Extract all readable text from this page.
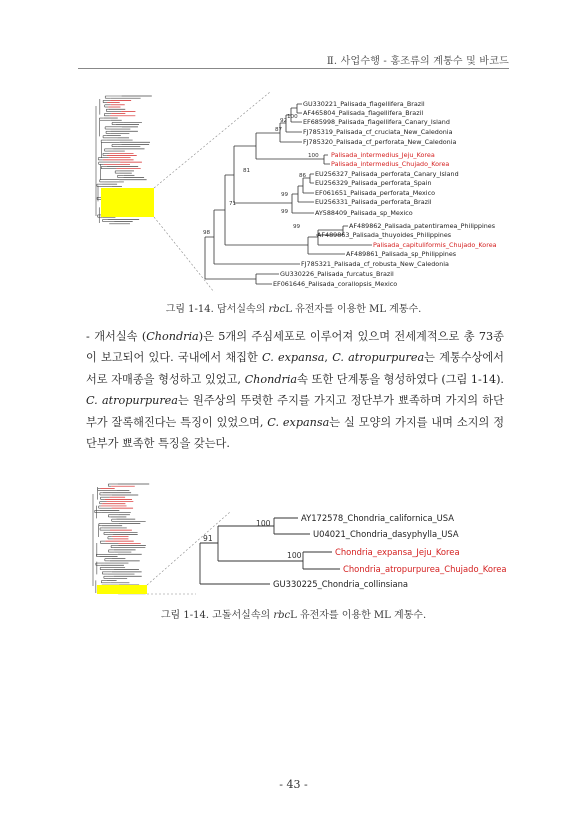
Ⅱ. 사업수행 - 홍조류의 계통수 및 바코드
GU330221_Palisada_flagellifera_Brazil
AF465804_Palisada_flagellifera_Brazil
EF685998_Palisada_flagellifera_Canary_Island
FJ785319_Palisada_cf_cruciata_New_Caledonia
FJ785320_Palisada_cf_perforata_New_Caledonia
Palisada_intermedius_Jeju_Korea
Palisada_intermedius_Chujado_Korea
EU256327_Palisada_perforata_Canary_Island
EU256329_Palisada_perforata_Spain
EF061651_Palisada_perforata_Mexico
EU256331_Palisada_perforata_Brazil
AY588409_Palisada_sp_Mexico
AF489862_Palisada_patentiramea_Philippines
AF489863_Palisada_thuyoides_Philippines
Palisada_capituliformis_Chujado_Korea
AF489861_Palisada_sp_Philippines
FJ785321_Palisada_cf_robusta_New_Caledonia
GU330226_Palisada_furcatus_Brazil
EF061646_Palisada_corallopsis_Mexico
100
92
87
100
86
99
81
99
71
98
99
그림 1-14. 담서실속의 rbcL 유전자를 이용한 ML 계통수.

- 개서실속 (Chondria)은 5개의 주심세포로 이루어져 있으며 전세계적으로 총 73종이 보고되어 있다. 국내에서 채집한 C. expansa, C. atropurpurea는 계통수상에서 서로 자매종을 형성하고 있었고, Chondria속 또한 단계통을 형성하였다 (그림 1-14). C. atropurpurea는 원주상의 뚜렷한 주지를 가지고 정단부가 뾰족하며 가지의 하단부가 잘록해진다는 특징이 있었으며, C. expansa는 실 모양의 가지를 내며 소지의 정단부가 뾰족한 특징을 갖는다.

AY172578_Chondria_californica_USA
U04021_Chondria_dasyphylla_USA
Chondria_expansa_Jeju_Korea
Chondria_atropurpurea_Chujado_Korea
GU330225_Chondria_collinsiana
100
91
100
그림 1-14. 고돌서실속의 rbcL 유전자를 이용한 ML 계통수.
- 43 -
